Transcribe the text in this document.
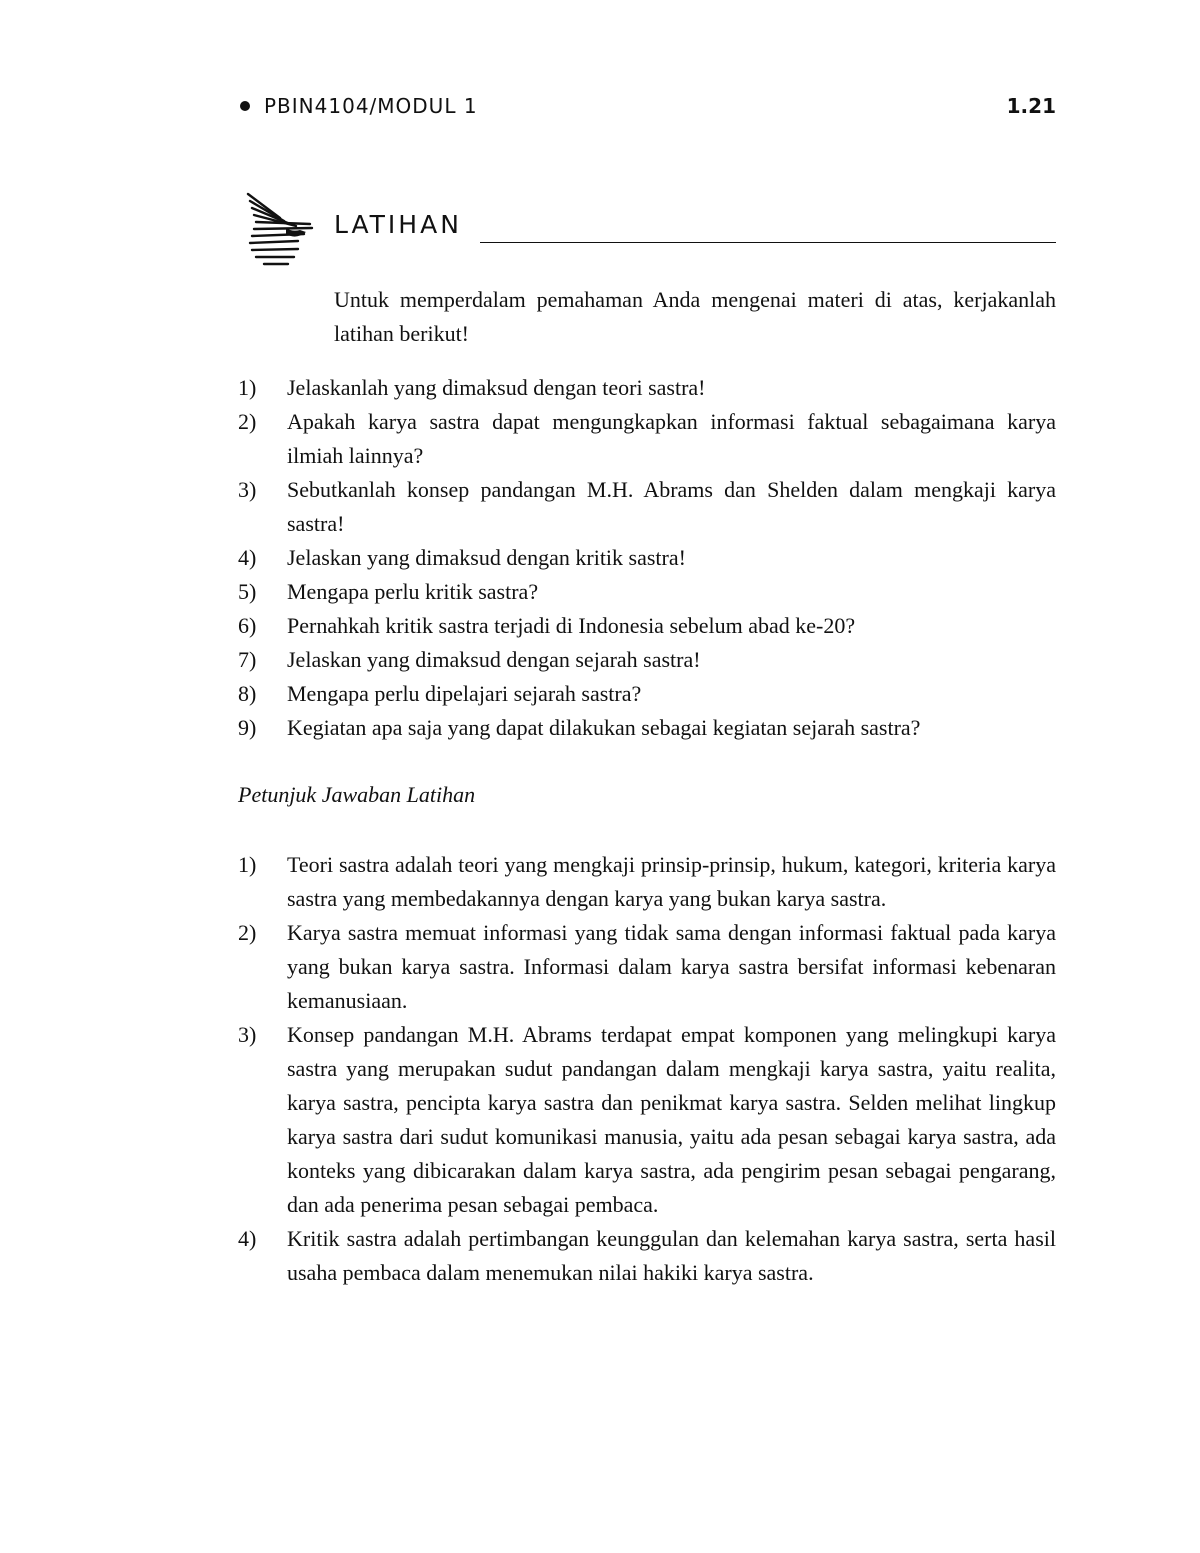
PBIN4104/MODUL 1	1.21
LATIHAN

Untuk memperdalam pemahaman Anda mengenai materi di atas, kerjakanlah latihan berikut!

1) Jelaskanlah yang dimaksud dengan teori sastra!
2) Apakah karya sastra dapat mengungkapkan informasi faktual sebagaimana karya ilmiah lainnya?
3) Sebutkanlah konsep pandangan M.H. Abrams dan Shelden dalam mengkaji karya sastra!
4) Jelaskan yang dimaksud dengan kritik sastra!
5) Mengapa perlu kritik sastra?
6) Pernahkah kritik sastra terjadi di Indonesia sebelum abad ke-20?
7) Jelaskan yang dimaksud dengan sejarah sastra!
8) Mengapa perlu dipelajari sejarah sastra?
9) Kegiatan apa saja yang dapat dilakukan sebagai kegiatan sejarah sastra?
Petunjuk Jawaban Latihan
1) Teori sastra adalah teori yang mengkaji prinsip-prinsip, hukum, kategori, kriteria karya sastra yang membedakannya dengan karya yang bukan karya sastra.
2) Karya sastra memuat informasi yang tidak sama dengan informasi faktual pada karya yang bukan karya sastra. Informasi dalam karya sastra bersifat informasi kebenaran kemanusiaan.
3) Konsep pandangan M.H. Abrams terdapat empat komponen yang melingkupi karya sastra yang merupakan sudut pandangan dalam mengkaji karya sastra, yaitu realita, karya sastra, pencipta karya sastra dan penikmat karya sastra. Selden melihat lingkup karya sastra dari sudut komunikasi manusia, yaitu ada pesan sebagai karya sastra, ada konteks yang dibicarakan dalam karya sastra, ada pengirim pesan sebagai pengarang, dan ada penerima pesan sebagai pembaca.
4) Kritik sastra adalah pertimbangan keunggulan dan kelemahan karya sastra, serta hasil usaha pembaca dalam menemukan nilai hakiki karya sastra.
